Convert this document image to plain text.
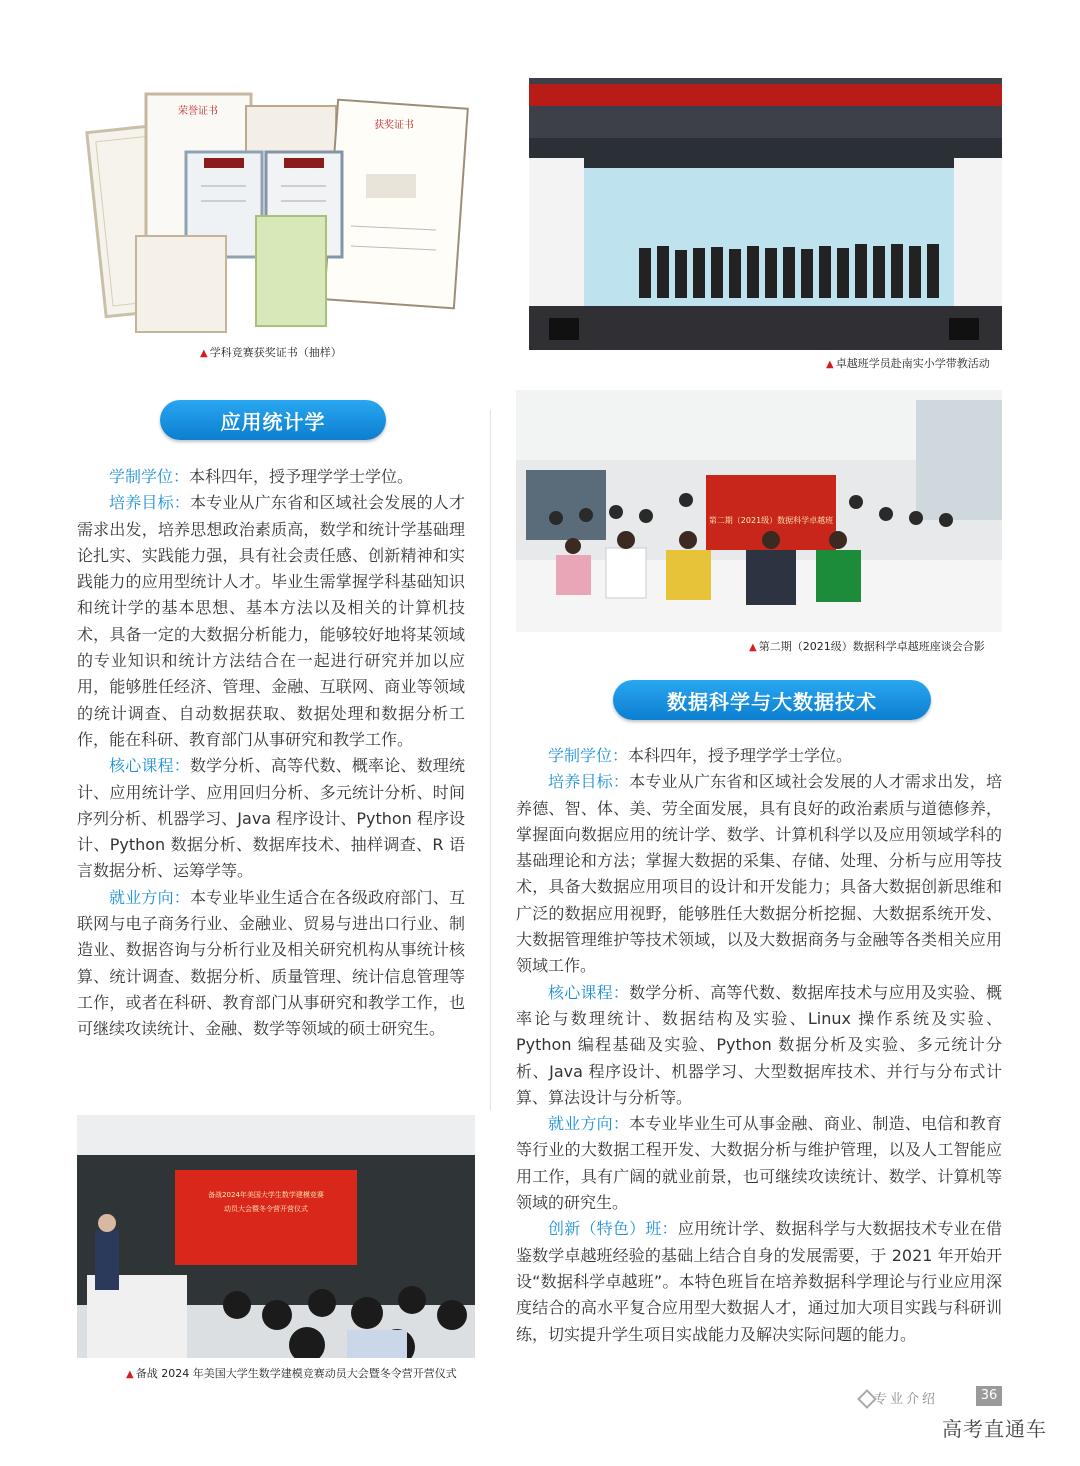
荣誉证书
获奖证书
▲ 学科竞赛获奖证书（抽样）
▲ 卓越班学员赴南实小学带教活动
应用统计学

学制学位：本科四年，授予理学学士学位。

培养目标：本专业从广东省和区域社会发展的人才需求出发，培养思想政治素质高，数学和统计学基础理论扎实、实践能力强，具有社会责任感、创新精神和实践能力的应用型统计人才。毕业生需掌握学科基础知识和统计学的基本思想、基本方法以及相关的计算机技术，具备一定的大数据分析能力，能够较好地将某领域的专业知识和统计方法结合在一起进行研究并加以应用，能够胜任经济、管理、金融、互联网、商业等领域的统计调查、自动数据获取、数据处理和数据分析工作，能在科研、教育部门从事研究和教学工作。

核心课程：数学分析、高等代数、概率论、数理统计、应用统计学、应用回归分析、多元统计分析、时间序列分析、机器学习、Java 程序设计、Python 程序设计、Python 数据分析、数据库技术、抽样调查、R 语言数据分析、运筹学等。

就业方向：本专业毕业生适合在各级政府部门、互联网与电子商务行业、金融业、贸易与进出口行业、制造业、数据咨询与分析行业及相关研究机构从事统计核算、统计调查、数据分析、质量管理、统计信息管理等工作，或者在科研、教育部门从事研究和教学工作，也可继续攻读统计、金融、数学等领域的硕士研究生。

第二期（2021级）数据科学卓越班
▲ 第二期（2021级）数据科学卓越班座谈会合影
数据科学与大数据技术

学制学位：本科四年，授予理学学士学位。

培养目标：本专业从广东省和区域社会发展的人才需求出发，培养德、智、体、美、劳全面发展，具有良好的政治素质与道德修养，掌握面向数据应用的统计学、数学、计算机科学以及应用领域学科的基础理论和方法；掌握大数据的采集、存储、处理、分析与应用等技术，具备大数据应用项目的设计和开发能力；具备大数据创新思维和广泛的数据应用视野，能够胜任大数据分析挖掘、大数据系统开发、大数据管理维护等技术领域，以及大数据商务与金融等各类相关应用领域工作。

核心课程：数学分析、高等代数、数据库技术与应用及实验、概率论与数理统计、数据结构及实验、Linux 操作系统及实验、Python 编程基础及实验、Python 数据分析及实验、多元统计分析、Java 程序设计、机器学习、大型数据库技术、并行与分布式计算、算法设计与分析等。

就业方向：本专业毕业生可从事金融、商业、制造、电信和教育等行业的大数据工程开发、大数据分析与维护管理，以及人工智能应用工作，具有广阔的就业前景，也可继续攻读统计、数学、计算机等领域的研究生。

创新（特色）班：应用统计学、数据科学与大数据技术专业在借鉴数学卓越班经验的基础上结合自身的发展需要，于 2021 年开始开设“数据科学卓越班”。本特色班旨在培养数据科学理论与行业应用深度结合的高水平复合应用型大数据人才，通过加大项目实践与科研训练，切实提升学生项目实战能力及解决实际问题的能力。

备战2024年美国大学生数学建模竞赛
动员大会暨冬令营开营仪式
▲ 备战 2024 年美国大学生数学建模竞赛动员大会暨冬令营开营仪式
专业介绍	36
高考直通车
